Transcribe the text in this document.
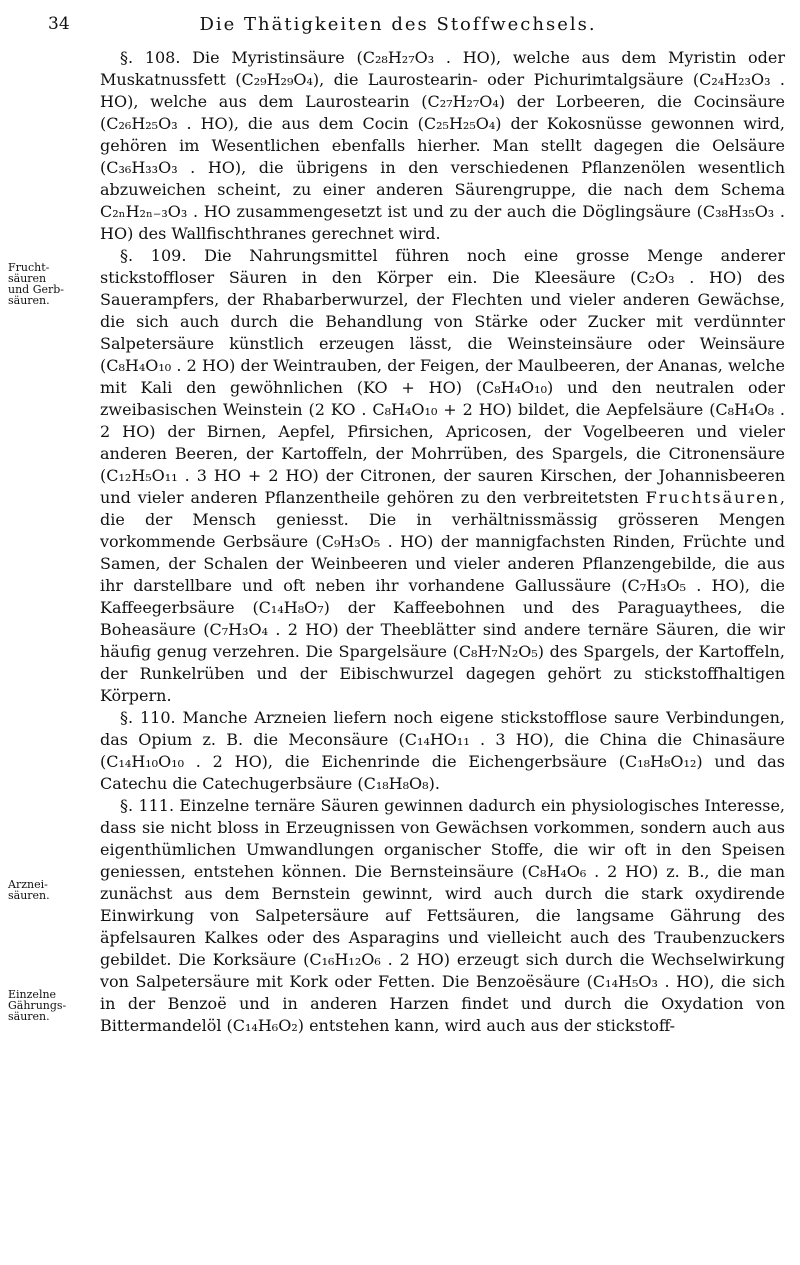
34	Die Thätigkeiten des Stoffwechsels.
Frucht-
säuren
und Gerb-
säuren.
Arznei-
säuren.
Einzelne
Gährungs-
säuren.

§. 108. Die Myristinsäure (C₂₈H₂₇O₃ . HO), welche aus dem Myristin oder Muskatnussfett (C₂₉H₂₉O₄), die Laurostearin- oder Pichurimtalgsäure (C₂₄H₂₃O₃ . HO), welche aus dem Laurostearin (C₂₇H₂₇O₄) der Lorbeeren, die Cocinsäure (C₂₆H₂₅O₃ . HO), die aus dem Cocin (C₂₅H₂₅O₄) der Kokosnüsse gewonnen wird, gehören im Wesentlichen ebenfalls hierher. Man stellt dagegen die Oelsäure (C₃₆H₃₃O₃ . HO), die übrigens in den verschiedenen Pflanzenölen wesentlich abzuweichen scheint, zu einer anderen Säurengruppe, die nach dem Schema C₂ₙH₂ₙ₋₃O₃ . HO zusammengesetzt ist und zu der auch die Döglingsäure (C₃₈H₃₅O₃ . HO) des Wallfischthranes gerechnet wird.

§. 109. Die Nahrungsmittel führen noch eine grosse Menge anderer stickstoffloser Säuren in den Körper ein. Die Kleesäure (C₂O₃ . HO) des Sauerampfers, der Rhabarberwurzel, der Flechten und vieler anderen Gewächse, die sich auch durch die Behandlung von Stärke oder Zucker mit verdünnter Salpetersäure künstlich erzeugen lässt, die Weinsteinsäure oder Weinsäure (C₈H₄O₁₀ . 2 HO) der Weintrauben, der Feigen, der Maulbeeren, der Ananas, welche mit Kali den gewöhnlichen (KO + HO) (C₈H₄O₁₀) und den neutralen oder zweibasischen Weinstein (2 KO . C₈H₄O₁₀ + 2 HO) bildet, die Aepfelsäure (C₈H₄O₈ . 2 HO) der Birnen, Aepfel, Pfirsichen, Apricosen, der Vogelbeeren und vieler anderen Beeren, der Kartoffeln, der Mohrrüben, des Spargels, die Citronensäure (C₁₂H₅O₁₁ . 3 HO + 2 HO) der Citronen, der sauren Kirschen, der Johannisbeeren und vieler anderen Pflanzentheile gehören zu den verbreitetsten Fruchtsäuren, die der Mensch geniesst. Die in verhältnissmässig grösseren Mengen vorkommende Gerbsäure (C₉H₃O₅ . HO) der mannigfachsten Rinden, Früchte und Samen, der Schalen der Weinbeeren und vieler anderen Pflanzengebilde, die aus ihr darstellbare und oft neben ihr vorhandene Gallussäure (C₇H₃O₅ . HO), die Kaffeegerbsäure (C₁₄H₈O₇) der Kaffeebohnen und des Paraguaythees, die Boheasäure (C₇H₃O₄ . 2 HO) der Theeblätter sind andere ternäre Säuren, die wir häufig genug verzehren. Die Spargelsäure (C₈H₇N₂O₅) des Spargels, der Kartoffeln, der Runkelrüben und der Eibischwurzel dagegen gehört zu stickstoffhaltigen Körpern.

§. 110. Manche Arzneien liefern noch eigene stickstofflose saure Verbindungen, das Opium z. B. die Meconsäure (C₁₄HO₁₁ . 3 HO), die China die Chinasäure (C₁₄H₁₀O₁₀ . 2 HO), die Eichenrinde die Eichengerbsäure (C₁₈H₈O₁₂) und das Catechu die Catechugerbsäure (C₁₈H₈O₈).

§. 111. Einzelne ternäre Säuren gewinnen dadurch ein physiologisches Interesse, dass sie nicht bloss in Erzeugnissen von Gewächsen vorkommen, sondern auch aus eigenthümlichen Umwandlungen organischer Stoffe, die wir oft in den Speisen geniessen, entstehen können. Die Bernsteinsäure (C₈H₄O₆ . 2 HO) z. B., die man zunächst aus dem Bernstein gewinnt, wird auch durch die stark oxydirende Einwirkung von Salpetersäure auf Fettsäuren, die langsame Gährung des äpfelsauren Kalkes oder des Asparagins und vielleicht auch des Traubenzuckers gebildet. Die Korksäure (C₁₆H₁₂O₆ . 2 HO) erzeugt sich durch die Wechselwirkung von Salpetersäure mit Kork oder Fetten. Die Benzoësäure (C₁₄H₅O₃ . HO), die sich in der Benzoë und in anderen Harzen findet und durch die Oxydation von Bittermandelöl (C₁₄H₆O₂) entstehen kann, wird auch aus der stickstoff-
